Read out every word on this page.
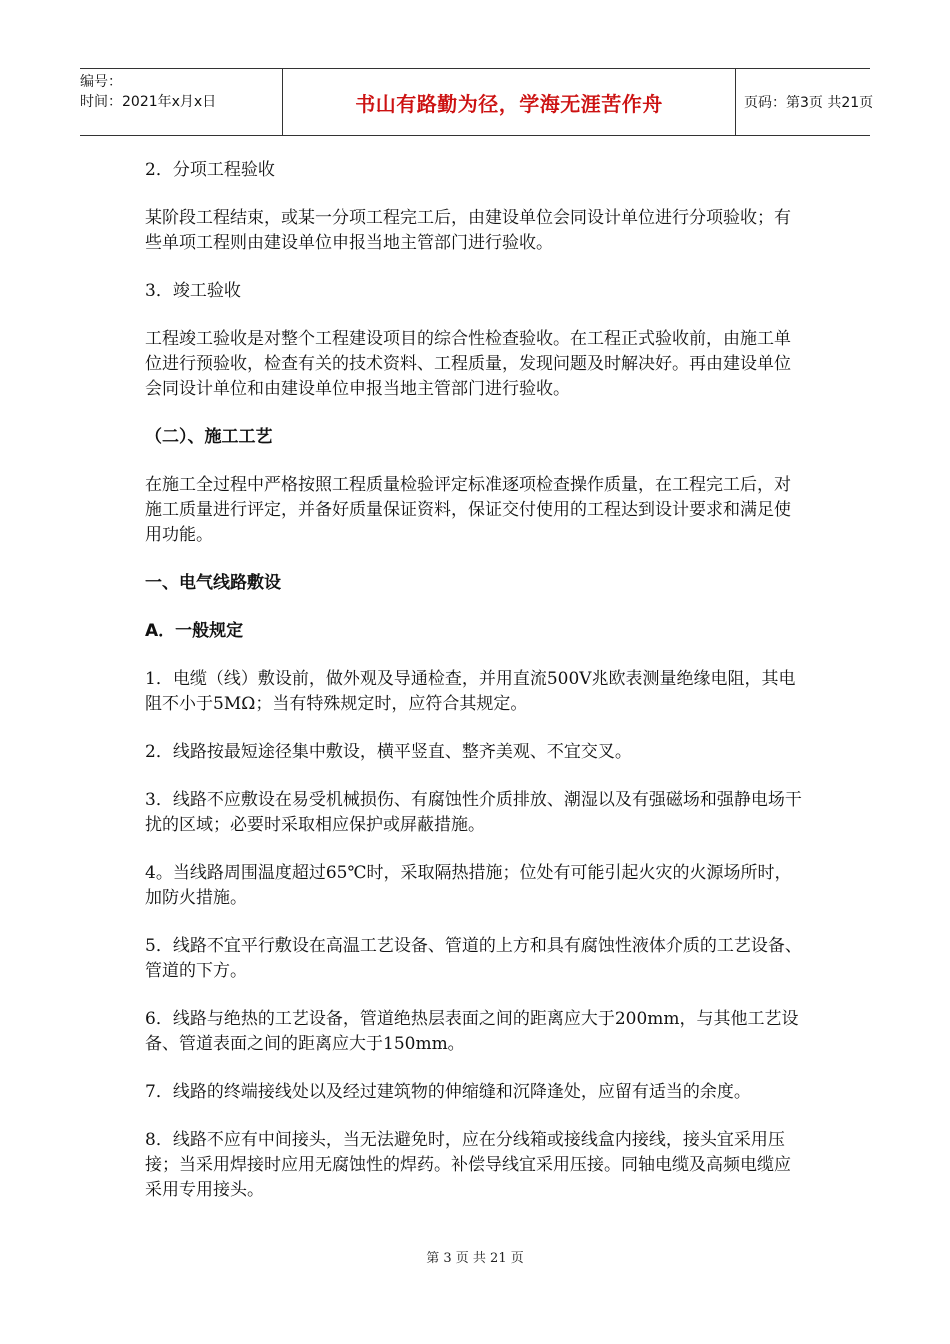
编号：
时间：2021年x月x日	书山有路勤为径，学海无涯苦作舟	页码：第3页 共21页

2．分项工程验收

某阶段工程结束，或某一分项工程完工后，由建设单位会同设计单位进行分项验收；有些单项工程则由建设单位申报当地主管部门进行验收。

3．竣工验收

工程竣工验收是对整个工程建设项目的综合性检查验收。在工程正式验收前，由施工单位进行预验收，检查有关的技术资料、工程质量，发现问题及时解决好。再由建设单位会同设计单位和由建设单位申报当地主管部门进行验收。

（二）、施工工艺

在施工全过程中严格按照工程质量检验评定标准逐项检查操作质量，在工程完工后，对施工质量进行评定，并备好质量保证资料，保证交付使用的工程达到设计要求和满足使用功能。

一、电气线路敷设

A．一般规定

1．电缆（线）敷设前，做外观及导通检查，并用直流500V兆欧表测量绝缘电阻，其电阻不小于5MΩ；当有特殊规定时，应符合其规定。

2．线路按最短途径集中敷设，横平竖直、整齐美观、不宜交叉。

3．线路不应敷设在易受机械损伤、有腐蚀性介质排放、潮湿以及有强磁场和强静电场干扰的区域；必要时采取相应保护或屏蔽措施。

4。当线路周围温度超过65℃时，采取隔热措施；位处有可能引起火灾的火源场所时，加防火措施。

5．线路不宜平行敷设在高温工艺设备、管道的上方和具有腐蚀性液体介质的工艺设备、管道的下方。

6．线路与绝热的工艺设备，管道绝热层表面之间的距离应大于200mm，与其他工艺设备、管道表面之间的距离应大于150mm。

7．线路的终端接线处以及经过建筑物的伸缩缝和沉降逢处，应留有适当的余度。

8．线路不应有中间接头，当无法避免时，应在分线箱或接线盒内接线，接头宜采用压接；当采用焊接时应用无腐蚀性的焊药。补偿导线宜采用压接。同轴电缆及高频电缆应采用专用接头。

第 3 页 共 21 页
